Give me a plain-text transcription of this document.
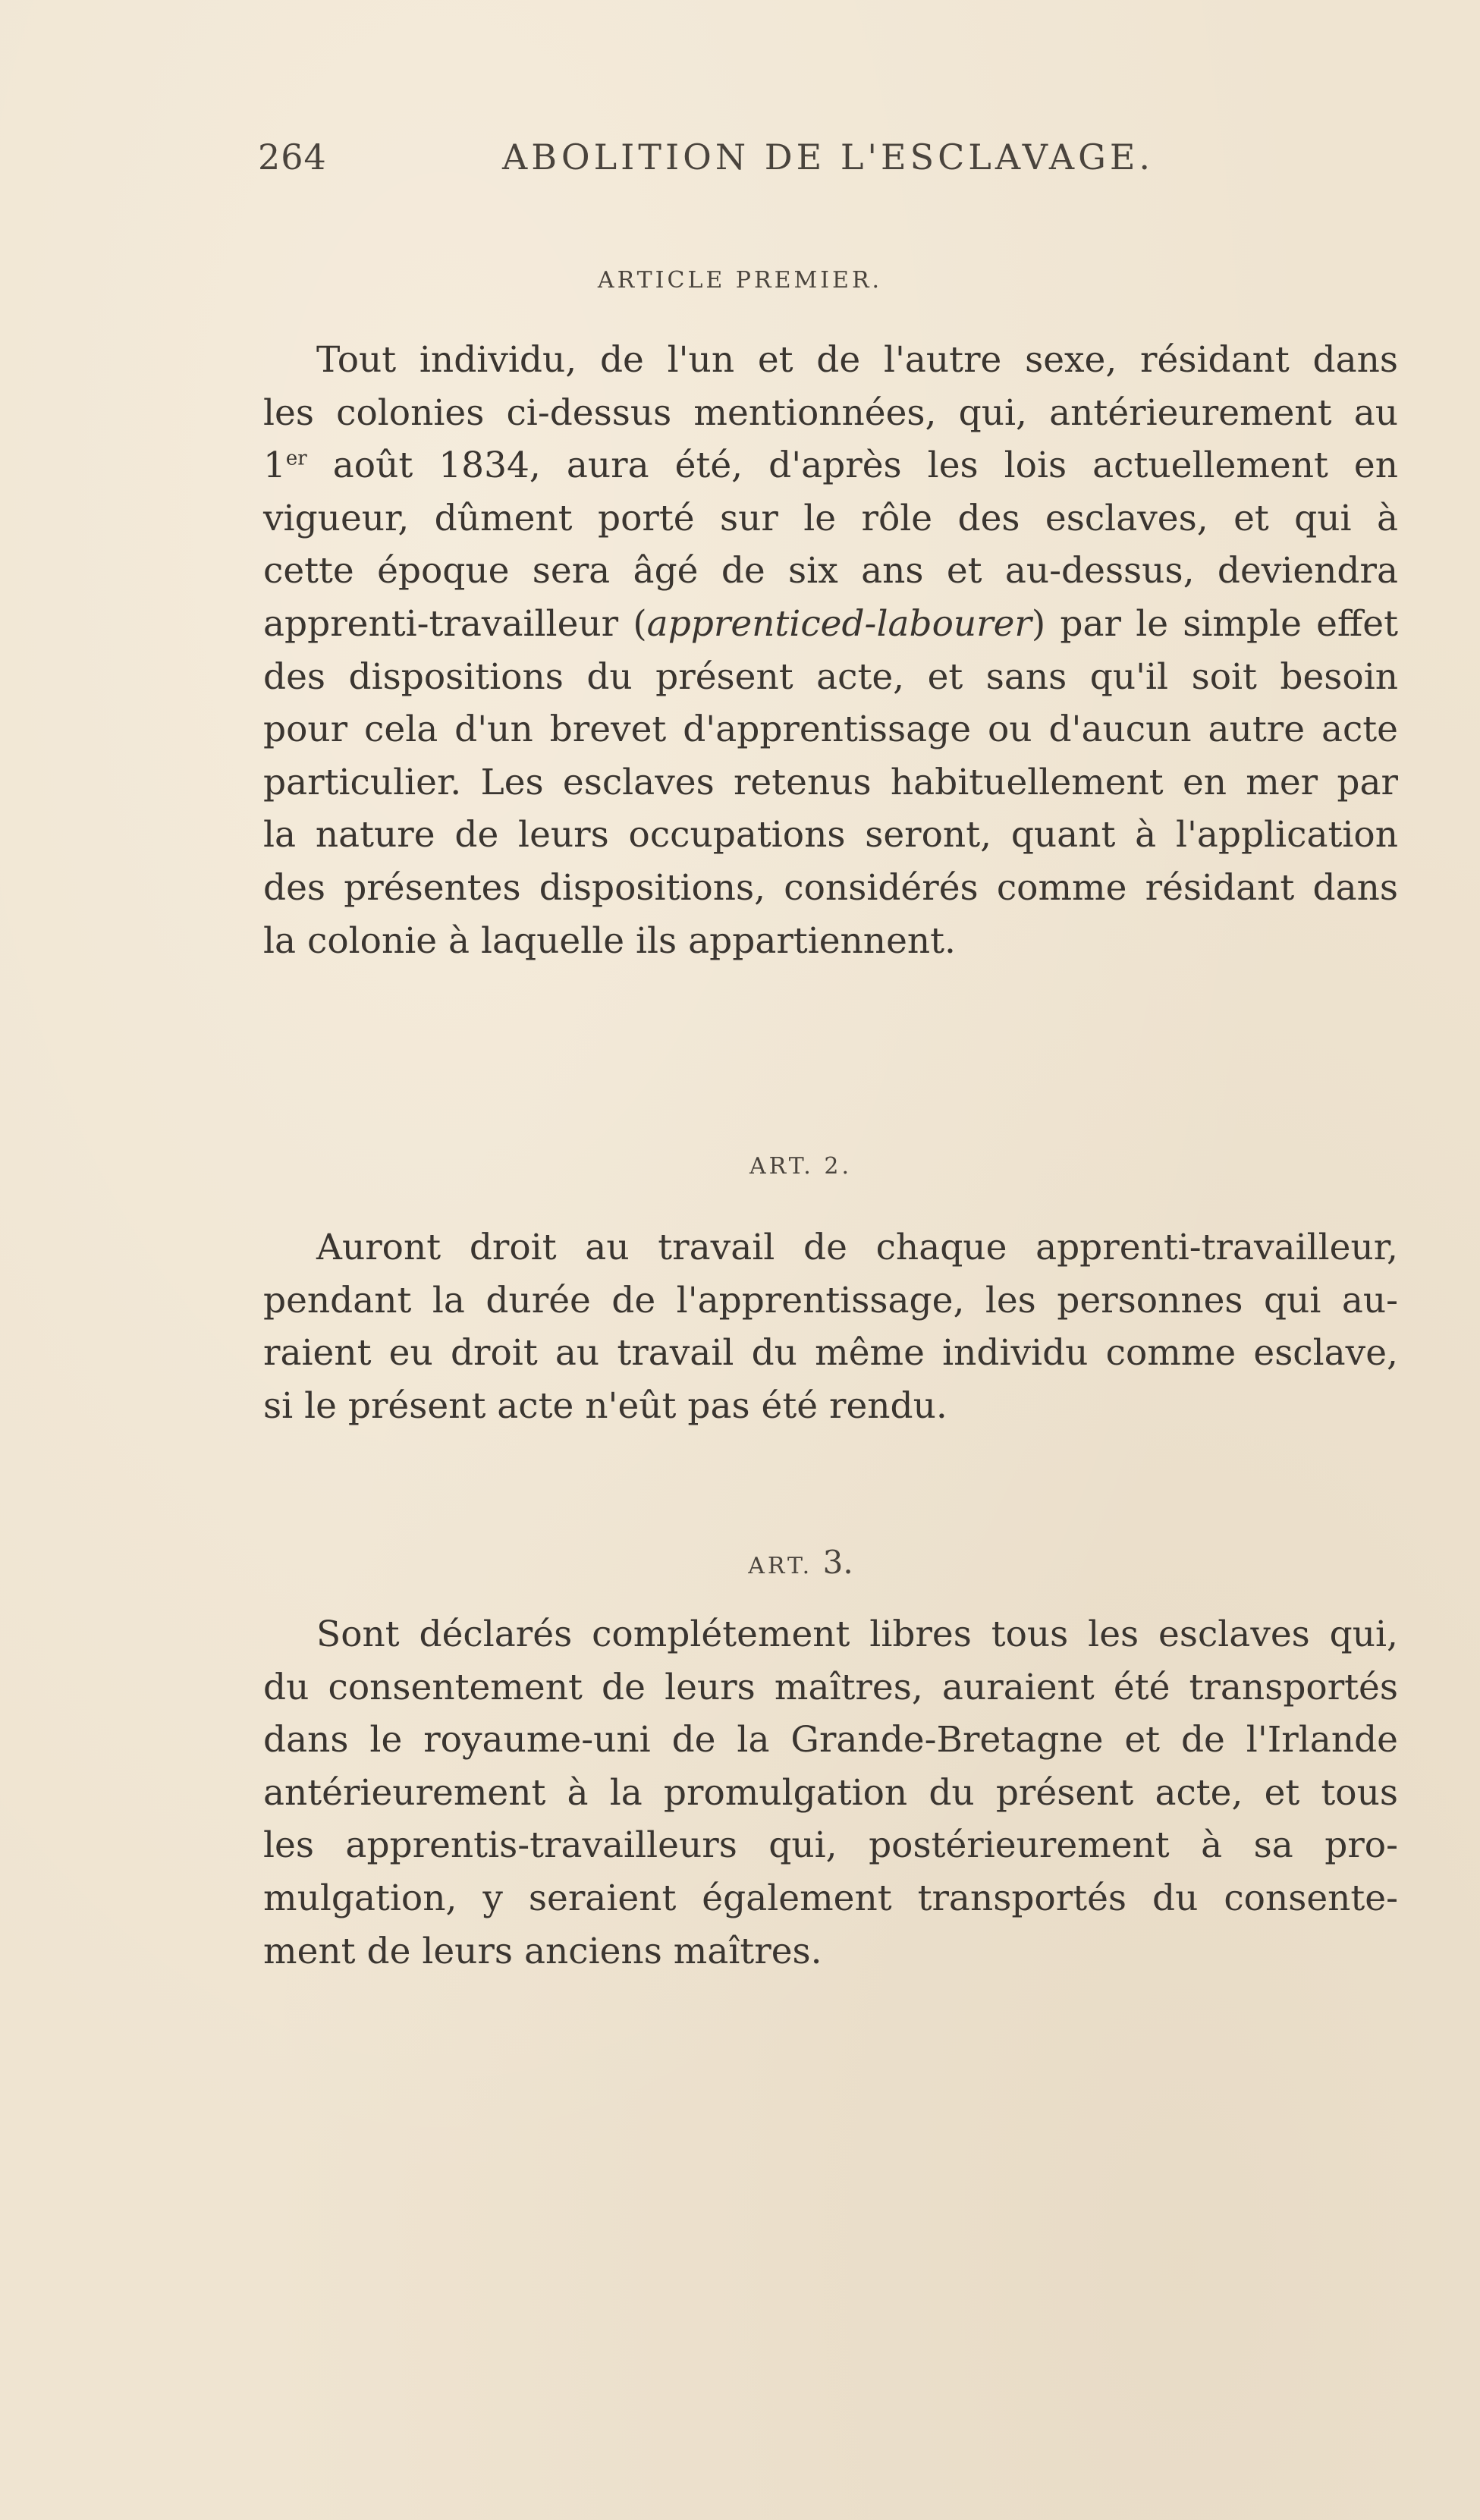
264	ABOLITION DE L'ESCLAVAGE.
ARTICLE PREMIER.
Tout individu, de l'un et de l'autre sexe, résidant dans
les colonies ci-dessus mentionnées, qui, antérieurement au
1er août 1834, aura été, d'après les lois actuellement en
vigueur, dûment porté sur le rôle des esclaves, et qui à
cette époque sera âgé de six ans et au-dessus, deviendra
apprenti-travailleur (apprenticed-labourer) par le simple effet
des dispositions du présent acte, et sans qu'il soit besoin
pour cela d'un brevet d'apprentissage ou d'aucun autre acte
particulier. Les esclaves retenus habituellement en mer par
la nature de leurs occupations seront, quant à l'application
des présentes dispositions, considérés comme résidant dans
la colonie à laquelle ils appartiennent.
ART. 2.
Auront droit au travail de chaque apprenti-travailleur,
pendant la durée de l'apprentissage, les personnes qui au-
raient eu droit au travail du même individu comme esclave,
si le présent acte n'eût pas été rendu.
ART. 3.
Sont déclarés complétement libres tous les esclaves qui,
du consentement de leurs maîtres, auraient été transportés
dans le royaume-uni de la Grande-Bretagne et de l'Irlande
antérieurement à la promulgation du présent acte, et tous
les apprentis-travailleurs qui, postérieurement à sa pro-
mulgation, y seraient également transportés du consente-
ment de leurs anciens maîtres.
